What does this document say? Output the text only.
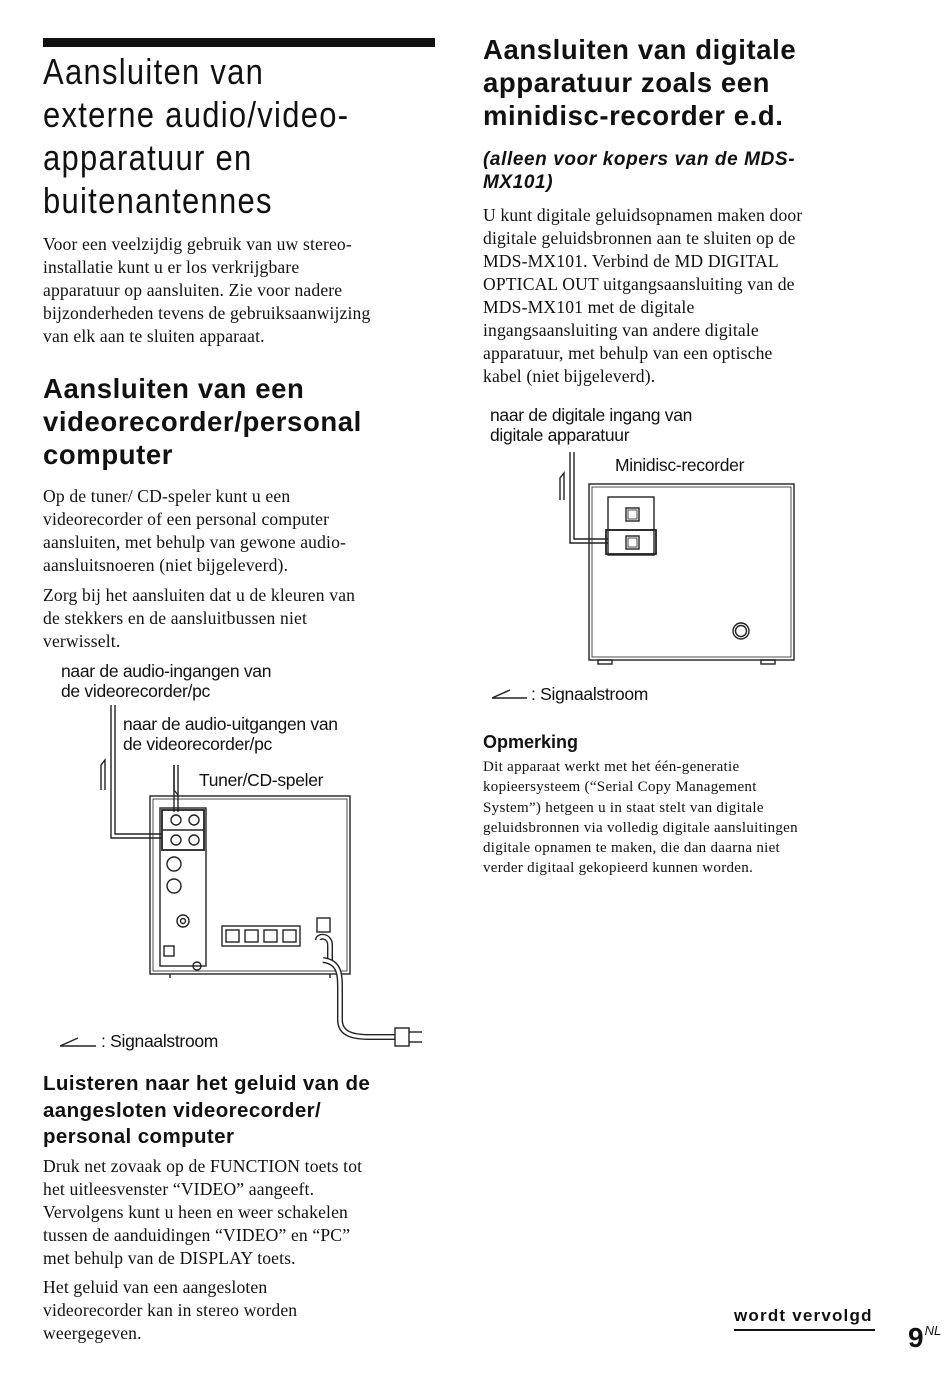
Aansluiten van
externe audio/video-
apparatuur en
buitenantennes
Voor een veelzijdig gebruik van uw stereo-
installatie kunt u er los verkrijgbare
apparatuur op aansluiten. Zie voor nadere
bijzonderheden tevens de gebruiksaanwijzing
van elk aan te sluiten apparaat.
Aansluiten van een
videorecorder/personal
computer
Op de tuner/ CD-speler kunt u een
videorecorder of een personal computer
aansluiten, met behulp van gewone audio-
aansluitsnoeren (niet bijgeleverd).
Zorg bij het aansluiten dat u de kleuren van
de stekkers en de aansluitbussen niet
verwisselt.
naar de audio-ingangen van
de videorecorder/pc
naar de audio-uitgangen van
de videorecorder/pc
Tuner/CD-speler
: Signaalstroom
Luisteren naar het geluid van de
aangesloten videorecorder/
personal computer
Druk net zovaak op de FUNCTION toets tot
het uitleesvenster “VIDEO” aangeeft.
Vervolgens kunt u heen en weer schakelen
tussen de aanduidingen “VIDEO” en “PC”
met behulp van de DISPLAY toets.
Het geluid van een aangesloten
videorecorder kan in stereo worden
weergegeven.
Aansluiten van digitale
apparatuur zoals een
minidisc-recorder e.d.
(alleen voor kopers van de MDS-
MX101)
U kunt digitale geluidsopnamen maken door
digitale geluidsbronnen aan te sluiten op de
MDS-MX101. Verbind de MD DIGITAL
OPTICAL OUT uitgangsaansluiting van de
MDS-MX101 met de digitale
ingangsaansluiting van andere digitale
apparatuur, met behulp van een optische
kabel (niet bijgeleverd).
naar de digitale ingang van
digitale apparatuur
Minidisc-recorder
: Signaalstroom
Opmerking
Dit apparaat werkt met het één-generatie
kopieersysteem (“Serial Copy Management
System”) hetgeen u in staat stelt van digitale
geluidsbronnen via volledig digitale aansluitingen
digitale opnamen te maken, die dan daarna niet
verder digitaal gekopieerd kunnen worden.
wordt vervolgd
$9^{NL}$
